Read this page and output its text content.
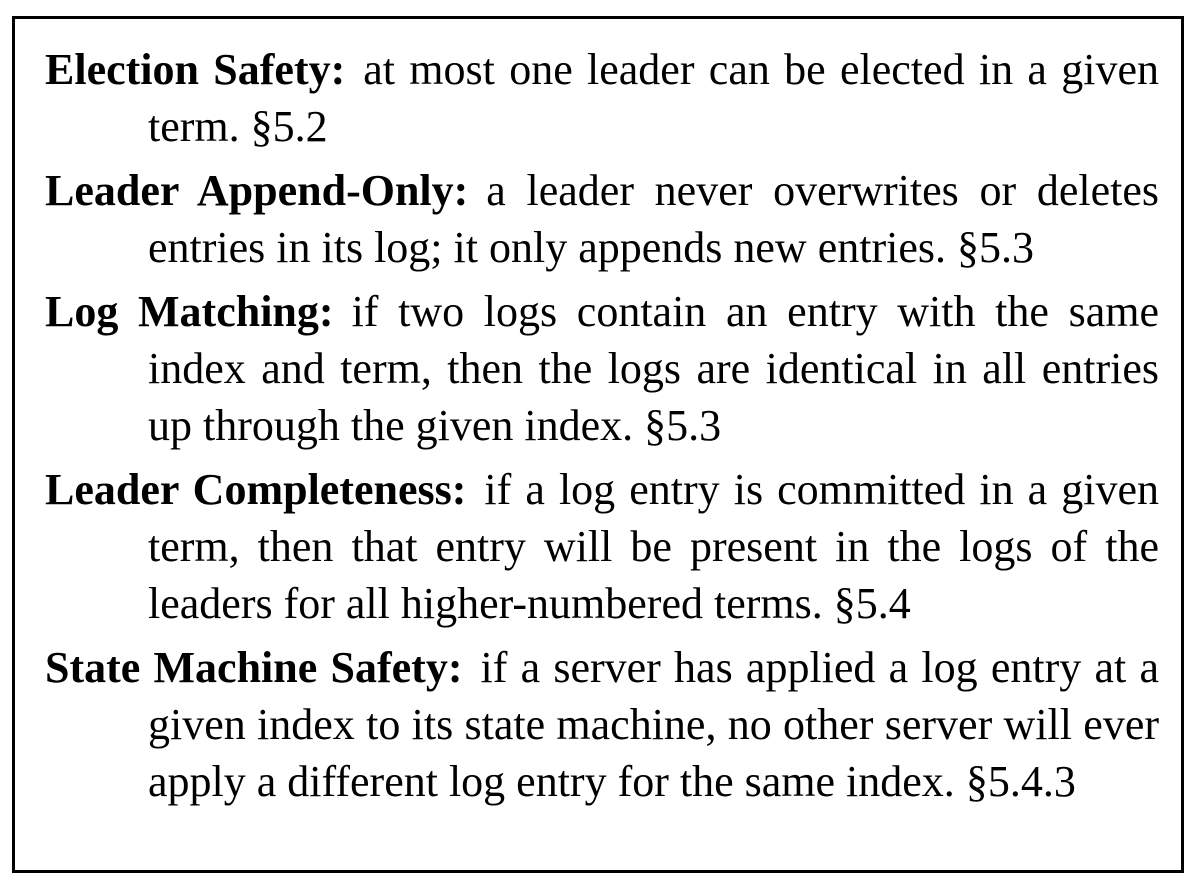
Election Safety: at most one leader can be elected in a given term. §5.2

Leader Append-Only: a leader never overwrites or deletes entries in its log; it only appends new entries. §5.3

Log Matching: if two logs contain an entry with the same index and term, then the logs are identical in all entries up through the given index. §5.3

Leader Completeness: if a log entry is committed in a given term, then that entry will be present in the logs of the leaders for all higher-numbered terms. §5.4

State Machine Safety: if a server has applied a log entry at a given index to its state machine, no other server will ever apply a different log entry for the same index. §5.4.3
